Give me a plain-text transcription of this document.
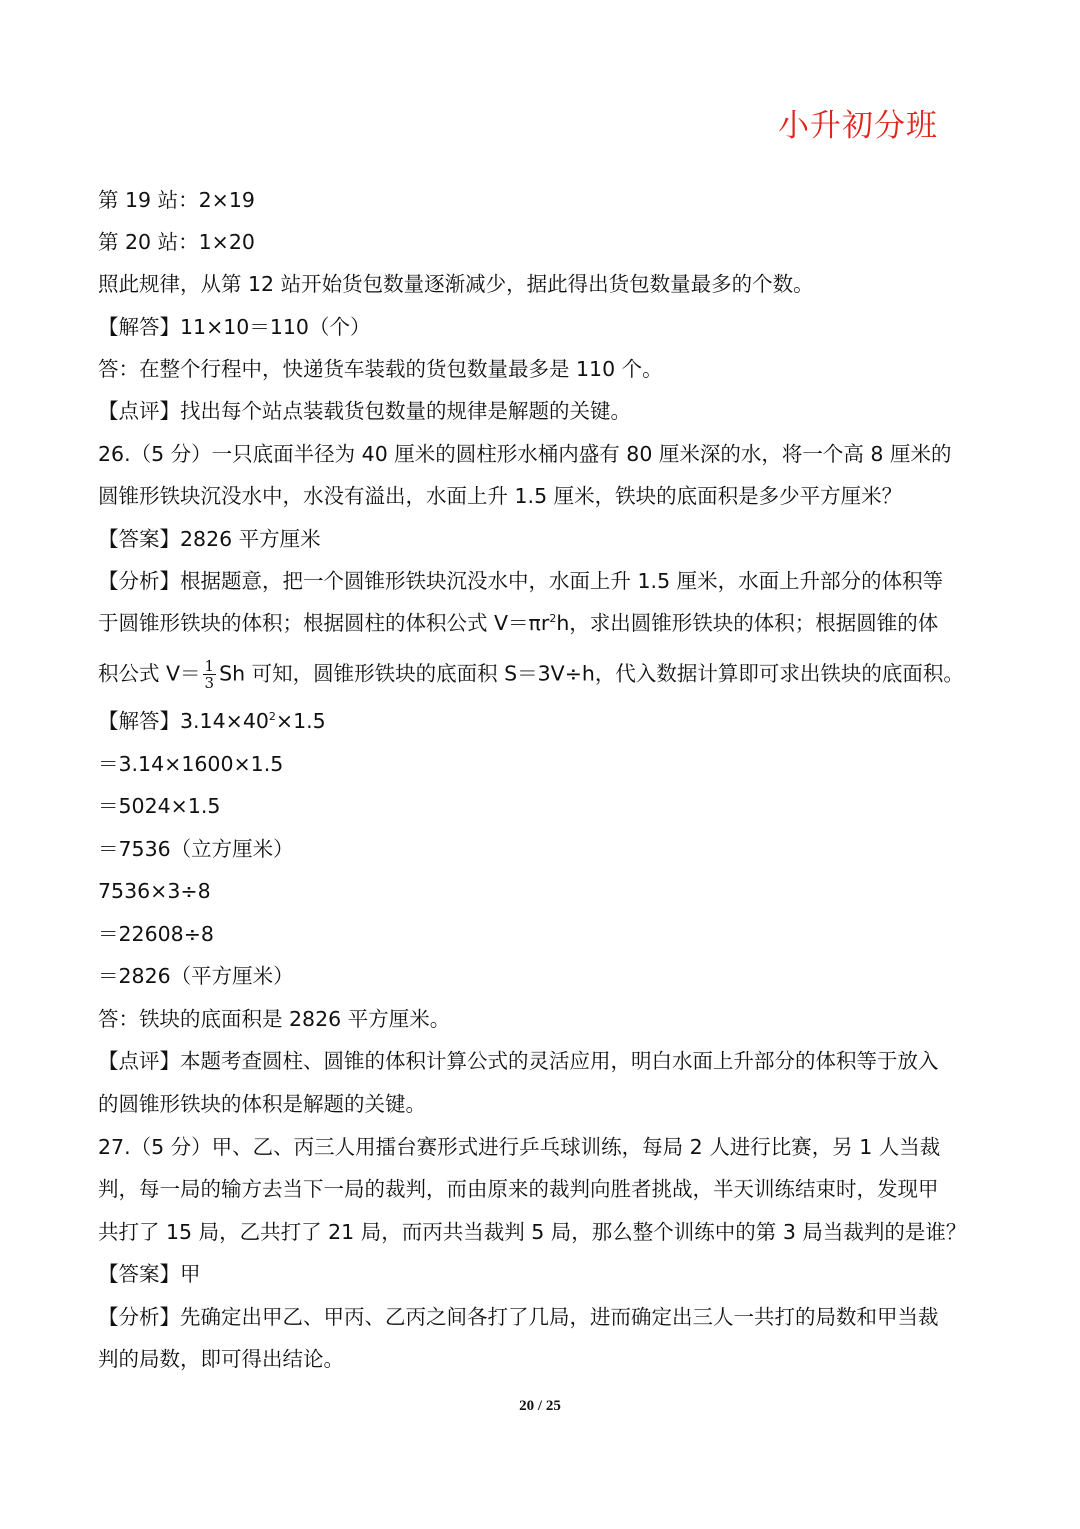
小升初分班
第 19 站：2×19
第 20 站：1×20
照此规律，从第 12 站开始货包数量逐渐减少，据此得出货包数量最多的个数。
【解答】11×10＝110（个）
答：在整个行程中，快递货车装载的货包数量最多是 110 个。
【点评】找出每个站点装载货包数量的规律是解题的关键。
26.（5 分）一只底面半径为 40 厘米的圆柱形水桶内盛有 80 厘米深的水，将一个高 8 厘米的
圆锥形铁块沉没水中，水没有溢出，水面上升 1.5 厘米，铁块的底面积是多少平方厘米？
【答案】2826 平方厘米
【分析】根据题意，把一个圆锥形铁块沉没水中，水面上升 1.5 厘米，水面上升部分的体积等
于圆锥形铁块的体积；根据圆柱的体积公式 $V=\pi r^2h$，求出圆锥形铁块的体积；根据圆锥的体
积公式 $V= \frac{1}{3}$ Sh 可知，圆锥形铁块的底面积 S＝3V÷h，代入数据计算即可求出铁块的底面积。
【解答】$3.14\times 40^2\times 1.5$
＝3.14×1600×1.5
＝5024×1.5
＝7536（立方厘米）
7536×3÷8
＝22608÷8
＝2826（平方厘米）
答：铁块的底面积是 2826 平方厘米。
【点评】本题考查圆柱、圆锥的体积计算公式的灵活应用，明白水面上升部分的体积等于放入
的圆锥形铁块的体积是解题的关键。
27.（5 分）甲、乙、丙三人用擂台赛形式进行乒乓球训练，每局 2 人进行比赛，另 1 人当裁
判，每一局的输方去当下一局的裁判，而由原来的裁判向胜者挑战，半天训练结束时，发现甲
共打了 15 局，乙共打了 21 局，而丙共当裁判 5 局，那么整个训练中的第 3 局当裁判的是谁？
【答案】甲
【分析】先确定出甲乙、甲丙、乙丙之间各打了几局，进而确定出三人一共打的局数和甲当裁
判的局数，即可得出结论。
20 / 25
